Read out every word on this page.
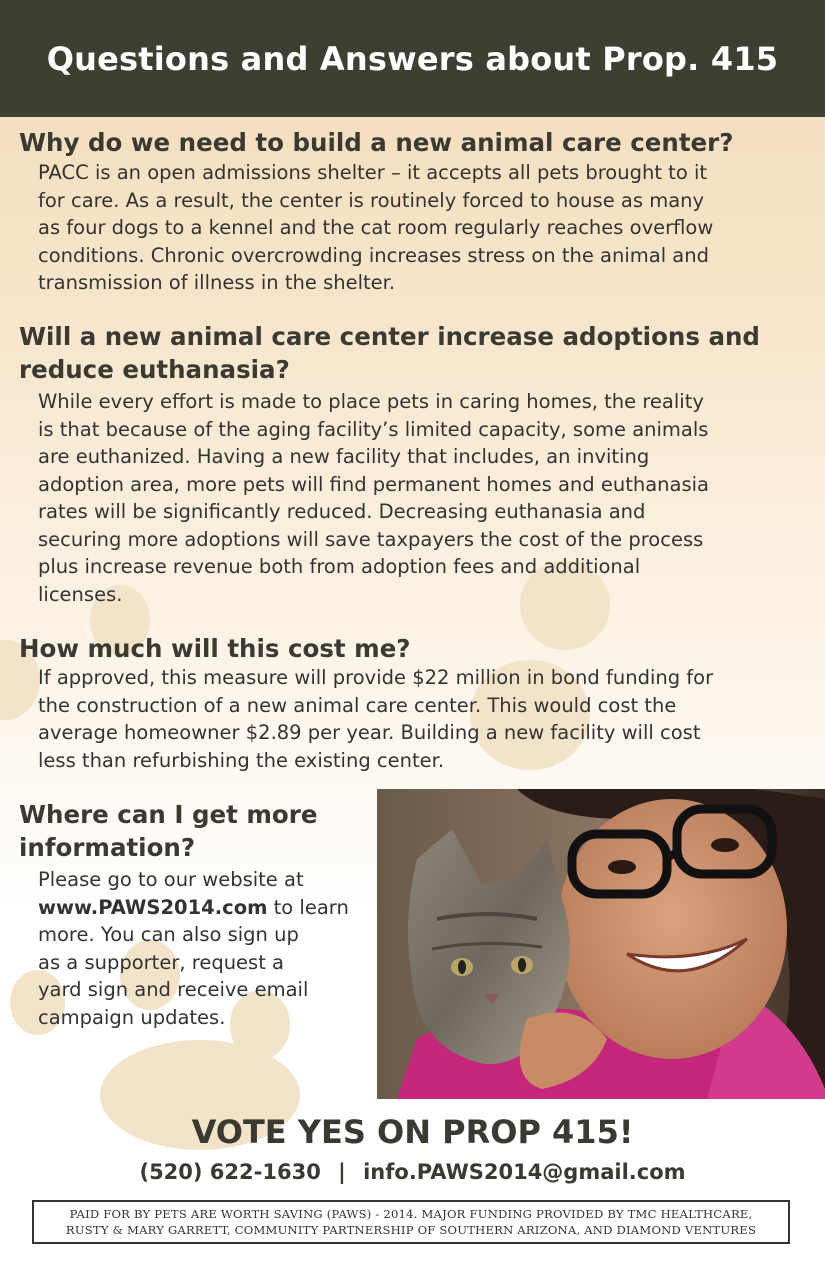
Questions and Answers about Prop. 415

Why do we need to build a new animal care center?

PACC is an open admissions shelter – it accepts all pets brought to it
for care. As a result, the center is routinely forced to house as many
as four dogs to a kennel and the cat room regularly reaches overflow
conditions. Chronic overcrowding increases stress on the animal and
transmission of illness in the shelter.
Will a new animal care center increase adoptions and
reduce euthanasia?
While every effort is made to place pets in caring homes, the reality
is that because of the aging facility’s limited capacity, some animals
are euthanized. Having a new facility that includes, an inviting
adoption area, more pets will find permanent homes and euthanasia
rates will be significantly reduced. Decreasing euthanasia and
securing more adoptions will save taxpayers the cost of the process
plus increase revenue both from adoption fees and additional
licenses.

How much will this cost me?

If approved, this measure will provide $22 million in bond funding for
the construction of a new animal care center. This would cost the
average homeowner $2.89 per year. Building a new facility will cost
less than refurbishing the existing center.
Where can I get more
information?
Please go to our website at
www.PAWS2014.com to learn
more. You can also sign up
as a supporter, request a
yard sign and receive email
campaign updates.

VOTE YES ON PROP 415!

(520) 622-1630 | info.PAWS2014@gmail.com

PAID FOR BY PETS ARE WORTH SAVING (PAWS) - 2014. MAJOR FUNDING PROVIDED BY TMC HEALTHCARE,
RUSTY & MARY GARRETT, COMMUNITY PARTNERSHIP OF SOUTHERN ARIZONA, AND DIAMOND VENTURES
